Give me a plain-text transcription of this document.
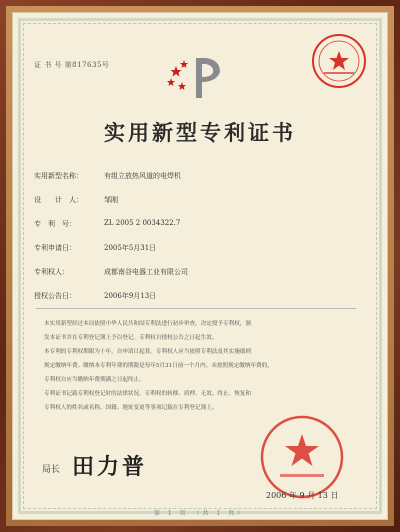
证 书 号 第817635号
实用新型专利证书
实用新型名称：	有组立放热风道的电焊机
设　　计　人：	邹刚
专　利　号：	ZL 2005 2 0034322.7
专利申请日：	2005年5月31日
专利权人：	成都南谷电器工业有限公司
授权公告日：	2006年9月13日
本实用新型经过本局依照中华人民共和国专利法进行初步审查，决定授予专利权，颁
发本证书并在专利登记簿上予以登记。专利权自授权公告之日起生效。
本专利的专利权期限为十年，自申请日起算。专利权人应当依照专利法及其实施细则
规定缴纳年费。缴纳本专利年费的期限是每年5月31日前一个月内。未按照规定缴纳年费的，
专利权自应当缴纳年费期满之日起终止。
专利证书记载专利权登记时的法律状况。专利权的转移、质押、无效、终止、恢复和
专利权人的姓名或名称、国籍、地址变更等事项记载在专利登记簿上。
局长 田力普
2006 年 9 月 13 日
第 1 页 （共 1 页）
